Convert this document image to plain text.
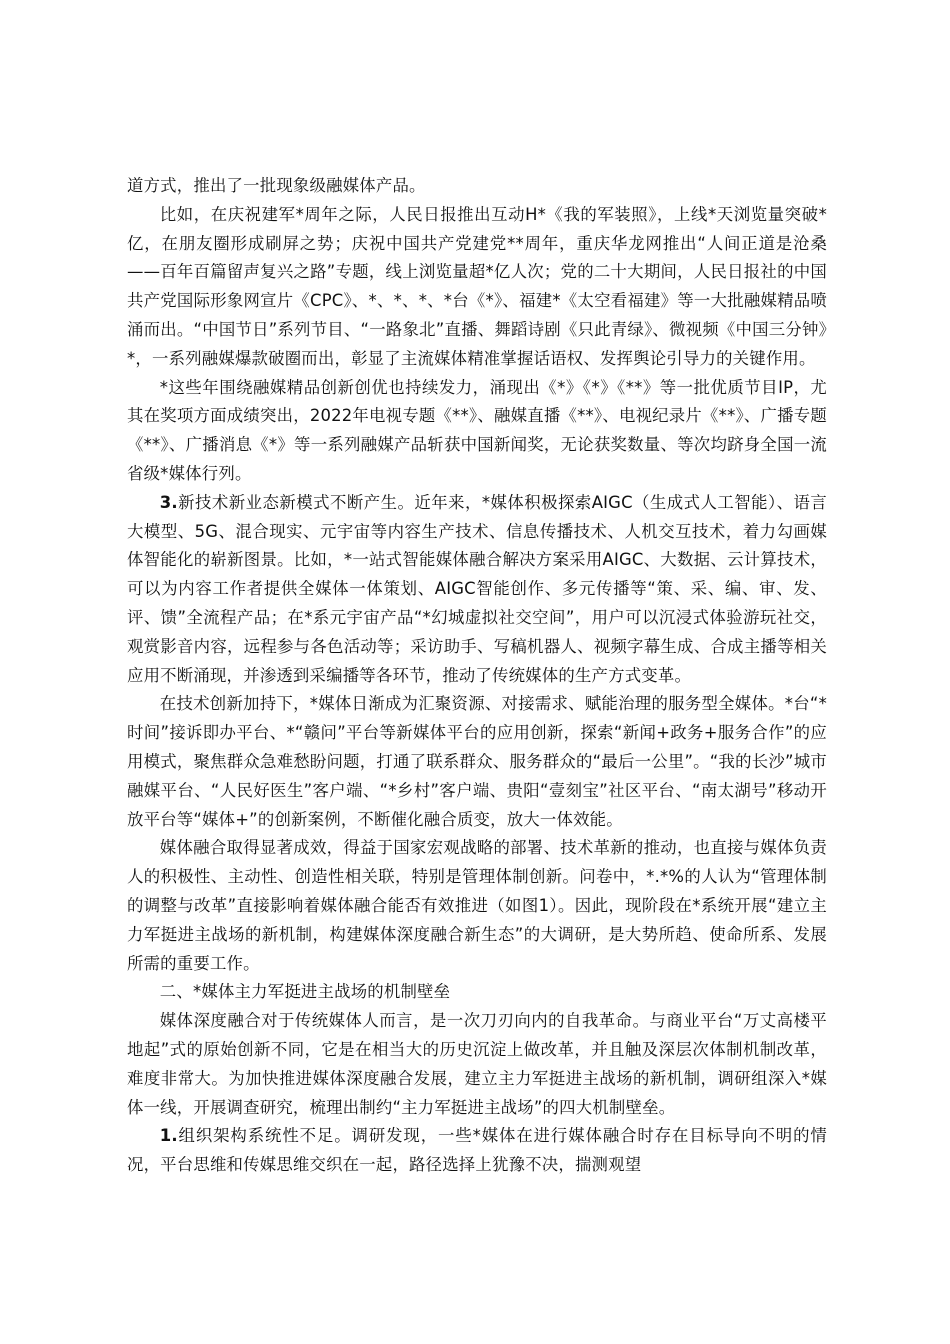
道方式，推出了一批现象级融媒体产品。

比如，在庆祝建军*周年之际，人民日报推出互动H*《我的军装照》，上线*天浏览量突破*亿，在朋友圈形成刷屏之势；庆祝中国共产党建党**周年，重庆华龙网推出“人间正道是沧桑——百年百篇留声复兴之路”专题，线上浏览量超*亿人次；党的二十大期间，人民日报社的中国共产党国际形象网宣片《CPC》、*、*、*、*台《*》、福建*《太空看福建》等一大批融媒精品喷涌而出。“中国节日”系列节目、“一路象北”直播、舞蹈诗剧《只此青绿》、微视频《中国三分钟》*，一系列融媒爆款破圈而出，彰显了主流媒体精准掌握话语权、发挥舆论引导力的关键作用。

*这些年围绕融媒精品创新创优也持续发力，涌现出《*》《*》《**》等一批优质节目IP，尤其在奖项方面成绩突出，2022年电视专题《**》、融媒直播《**》、电视纪录片《**》、广播专题《**》、广播消息《*》等一系列融媒产品斩获中国新闻奖，无论获奖数量、等次均跻身全国一流省级*媒体行列。

3.新技术新业态新模式不断产生。近年来，*媒体积极探索AIGC（生成式人工智能）、语言大模型、5G、混合现实、元宇宙等内容生产技术、信息传播技术、人机交互技术，着力勾画媒体智能化的崭新图景。比如，*一站式智能媒体融合解决方案采用AIGC、大数据、云计算技术，可以为内容工作者提供全媒体一体策划、AIGC智能创作、多元传播等“策、采、编、审、发、评、馈”全流程产品；在*系元宇宙产品“*幻城虚拟社交空间”，用户可以沉浸式体验游玩社交，观赏影音内容，远程参与各色活动等；采访助手、写稿机器人、视频字幕生成、合成主播等相关应用不断涌现，并渗透到采编播等各环节，推动了传统媒体的生产方式变革。

在技术创新加持下，*媒体日渐成为汇聚资源、对接需求、赋能治理的服务型全媒体。*台“*时间”接诉即办平台、*“赣问”平台等新媒体平台的应用创新，探索“新闻+政务+服务合作”的应用模式，聚焦群众急难愁盼问题，打通了联系群众、服务群众的“最后一公里”。“我的长沙”城市融媒平台、“人民好医生”客户端、“*乡村”客户端、贵阳“壹刻宝”社区平台、“南太湖号”移动开放平台等“媒体+”的创新案例，不断催化融合质变，放大一体效能。

媒体融合取得显著成效，得益于国家宏观战略的部署、技术革新的推动，也直接与媒体负责人的积极性、主动性、创造性相关联，特别是管理体制创新。问卷中，*.*%的人认为“管理体制的调整与改革”直接影响着媒体融合能否有效推进（如图1）。因此，现阶段在*系统开展“建立主力军挺进主战场的新机制，构建媒体深度融合新生态”的大调研，是大势所趋、使命所系、发展所需的重要工作。

二、*媒体主力军挺进主战场的机制壁垒

媒体深度融合对于传统媒体人而言，是一次刀刃向内的自我革命。与商业平台“万丈高楼平地起”式的原始创新不同，它是在相当大的历史沉淀上做改革，并且触及深层次体制机制改革，难度非常大。为加快推进媒体深度融合发展，建立主力军挺进主战场的新机制，调研组深入*媒体一线，开展调查研究，梳理出制约“主力军挺进主战场”的四大机制壁垒。

1.组织架构系统性不足。调研发现，一些*媒体在进行媒体融合时存在目标导向不明的情况，平台思维和传媒思维交织在一起，路径选择上犹豫不决，揣测观望
